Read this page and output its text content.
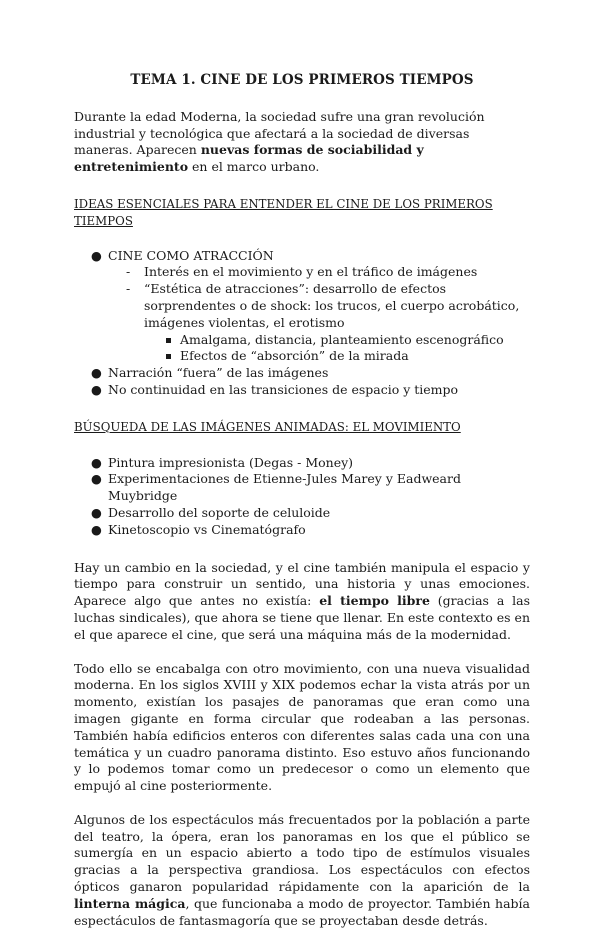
TEMA 1. CINE DE LOS PRIMEROS TIEMPOS

Durante la edad Moderna, la sociedad sufre una gran revolución industrial y tecnológica que afectará a la sociedad de diversas maneras. Aparecen nuevas formas de sociabilidad y entretenimiento en el marco urbano.

IDEAS ESENCIALES PARA ENTENDER EL CINE DE LOS PRIMEROS TIEMPOS

● CINE COMO ATRACCIÓN
- Interés en el movimiento y en el tráfico de imágenes
- “Estética de atracciones”: desarrollo de efectos sorprendentes o de shock: los trucos, el cuerpo acrobático, imágenes violentas, el erotismo
Amalgama, distancia, planteamiento escenográfico
Efectos de “absorción” de la mirada
● Narración “fuera” de las imágenes
● No continuidad en las transiciones de espacio y tiempo

BÚSQUEDA DE LAS IMÁGENES ANIMADAS: EL MOVIMIENTO

● Pintura impresionista (Degas - Money)
● Experimentaciones de Etienne-Jules Marey y Eadweard Muybridge
● Desarrollo del soporte de celuloide
● Kinetoscopio vs Cinematógrafo

Hay un cambio en la sociedad, y el cine también manipula el espacio y tiempo para construir un sentido, una historia y unas emociones. Aparece algo que antes no existía: el tiempo libre (gracias a las luchas sindicales), que ahora se tiene que llenar. En este contexto es en el que aparece el cine, que será una máquina más de la modernidad.

Todo ello se encabalga con otro movimiento, con una nueva visualidad moderna. En los siglos XVIII y XIX podemos echar la vista atrás por un momento, existían los pasajes de panoramas que eran como una imagen gigante en forma circular que rodeaban a las personas. También había edificios enteros con diferentes salas cada una con una temática y un cuadro panorama distinto. Eso estuvo años funcionando y lo podemos tomar como un predecesor o como un elemento que empujó al cine posteriormente.

Algunos de los espectáculos más frecuentados por la población a parte del teatro, la ópera, eran los panoramas en los que el público se sumergía en un espacio abierto a todo tipo de estímulos visuales gracias a la perspectiva grandiosa. Los espectáculos con efectos ópticos ganaron popularidad rápidamente con la aparición de la linterna mágica, que funcionaba a modo de proyector. También había espectáculos de fantasmagoría que se proyectaban desde detrás.
